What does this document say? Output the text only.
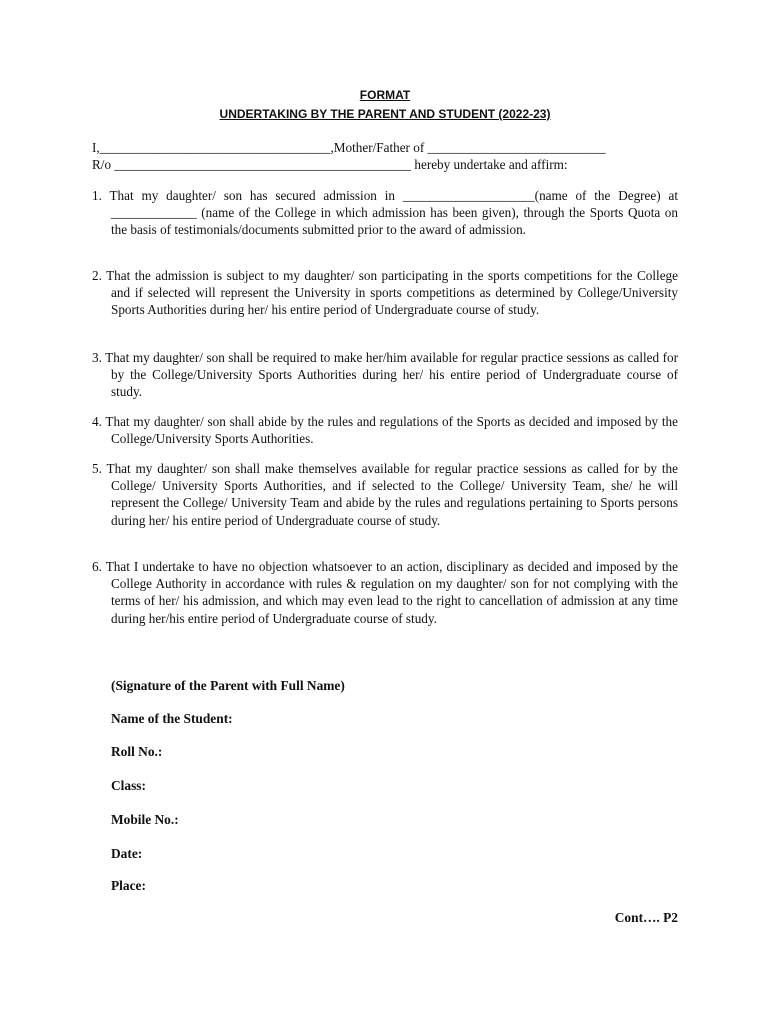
FORMAT
UNDERTAKING BY THE PARENT AND STUDENT (2022-23)
I,___________________________________,Mother/Father of ___________________________
R/o _____________________________________________ hereby undertake and affirm:
1. That my daughter/ son has secured admission in ____________________(name of the Degree) at _____________ (name of the College in which admission has been given), through the Sports Quota on the basis of testimonials/documents submitted prior to the award of admission.
2. That the admission is subject to my daughter/ son participating in the sports competitions for the College and if selected will represent the University in sports competitions as determined by College/University Sports Authorities during her/ his entire period of Undergraduate course of study.
3. That my daughter/ son shall be required to make her/him available for regular practice sessions as called for by the College/University Sports Authorities during her/ his entire period of Undergraduate course of study.
4. That my daughter/ son shall abide by the rules and regulations of the Sports as decided and imposed by the College/University Sports Authorities.
5. That my daughter/ son shall make themselves available for regular practice sessions as called for by the College/ University Sports Authorities, and if selected to the College/ University Team, she/ he will represent the College/ University Team and abide by the rules and regulations pertaining to Sports persons during her/ his entire period of Undergraduate course of study.
6. That I undertake to have no objection whatsoever to an action, disciplinary as decided and imposed by the College Authority in accordance with rules & regulation on my daughter/ son for not complying with the terms of her/ his admission, and which may even lead to the right to cancellation of admission at any time during her/his entire period of Undergraduate course of study.
(Signature of the Parent with Full Name)
Name of the Student:
Roll No.:
Class:
Mobile No.:
Date:
Place:
Cont…. P2
